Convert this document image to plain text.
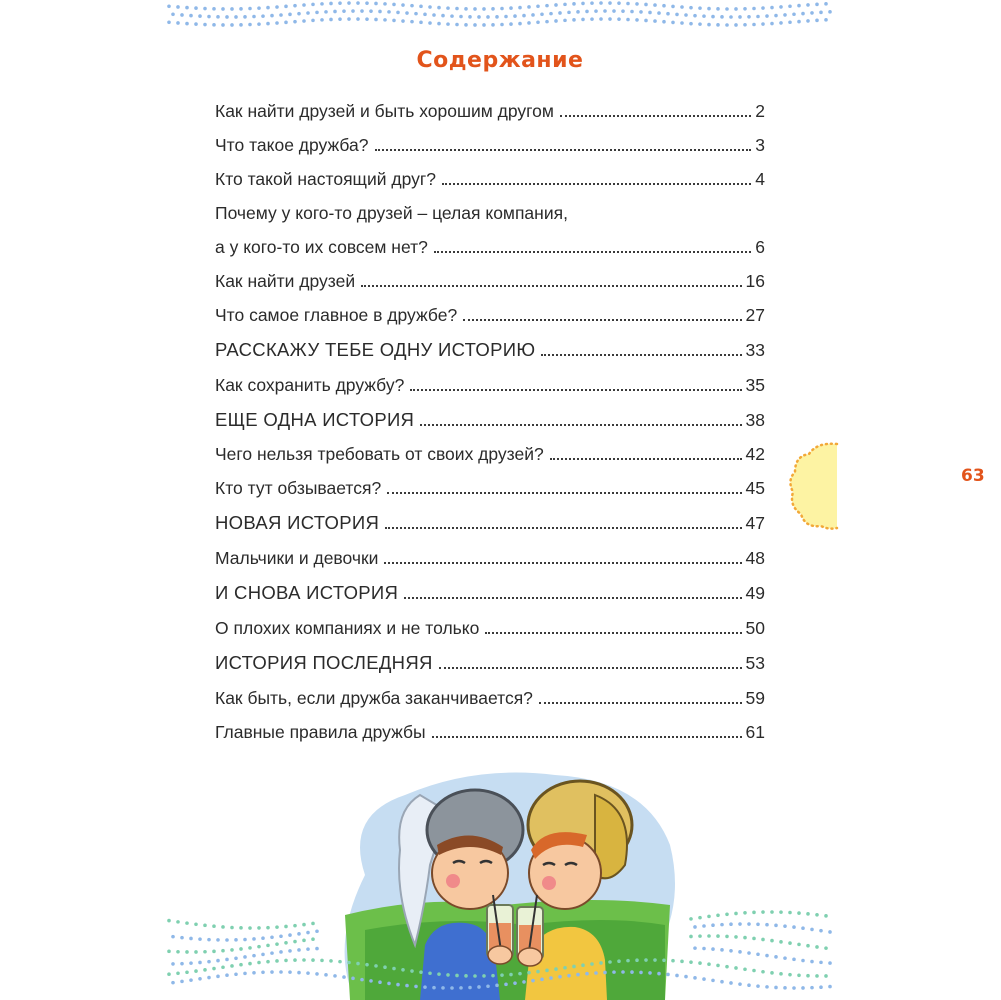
Содержание
Как найти друзей и быть хорошим другом	2
Что такое дружба?	3
Кто такой настоящий друг?	4
Почему у кого-то друзей – целая компания,
а у кого-то их совсем нет?	6
Как найти друзей	16
Что самое главное в дружбе?	27
РАССКАЖУ ТЕБЕ ОДНУ ИСТОРИЮ	33
Как сохранить дружбу?	35
ЕЩЕ ОДНА ИСТОРИЯ	38
Чего нельзя требовать от своих друзей?	42
Кто тут обзывается?	45
НОВАЯ ИСТОРИЯ	47
Мальчики и девочки	48
И СНОВА ИСТОРИЯ	49
О плохих компаниях и не только	50
ИСТОРИЯ ПОСЛЕДНЯЯ	53
Как быть, если дружба заканчивается?	59
Главные правила дружбы	61
63
